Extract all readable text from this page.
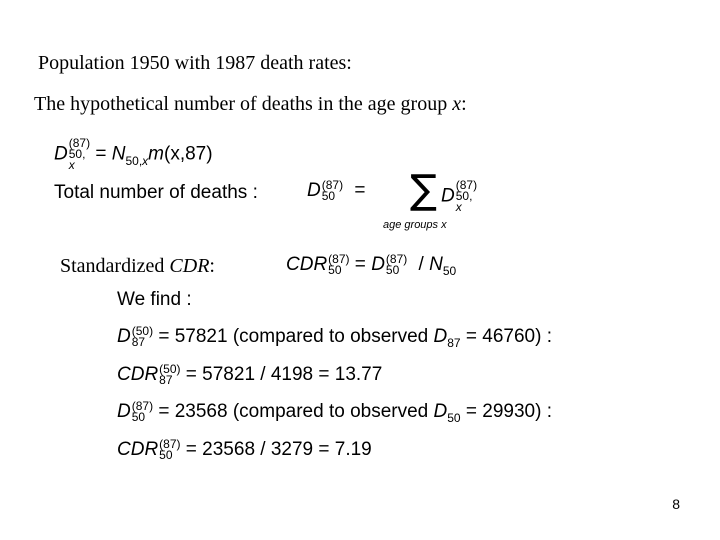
Population 1950 with 1987 death rates:
The hypothetical number of deaths in the age group x:
D
(87)
50,
x
= $N_{50,x}m(x,87)$
Total number of deaths :	D (87)
50	= ∑
age groups x
D
(87)
50,
x
Standardized CDR:	CDR (87)
50 = D (87)
50	/ $N_{50}$
We find :
D (50)
87 = 57821 (compared to observed $D_{87} = 46760$) :
CDR (50)
87 = 57821 / 4198 = 13.77
D (87)
50 = 23568 (compared to observed $D_{50} = 29930$) :
CDR (87)
50 = 23568 / 3279 = 7.19
8
